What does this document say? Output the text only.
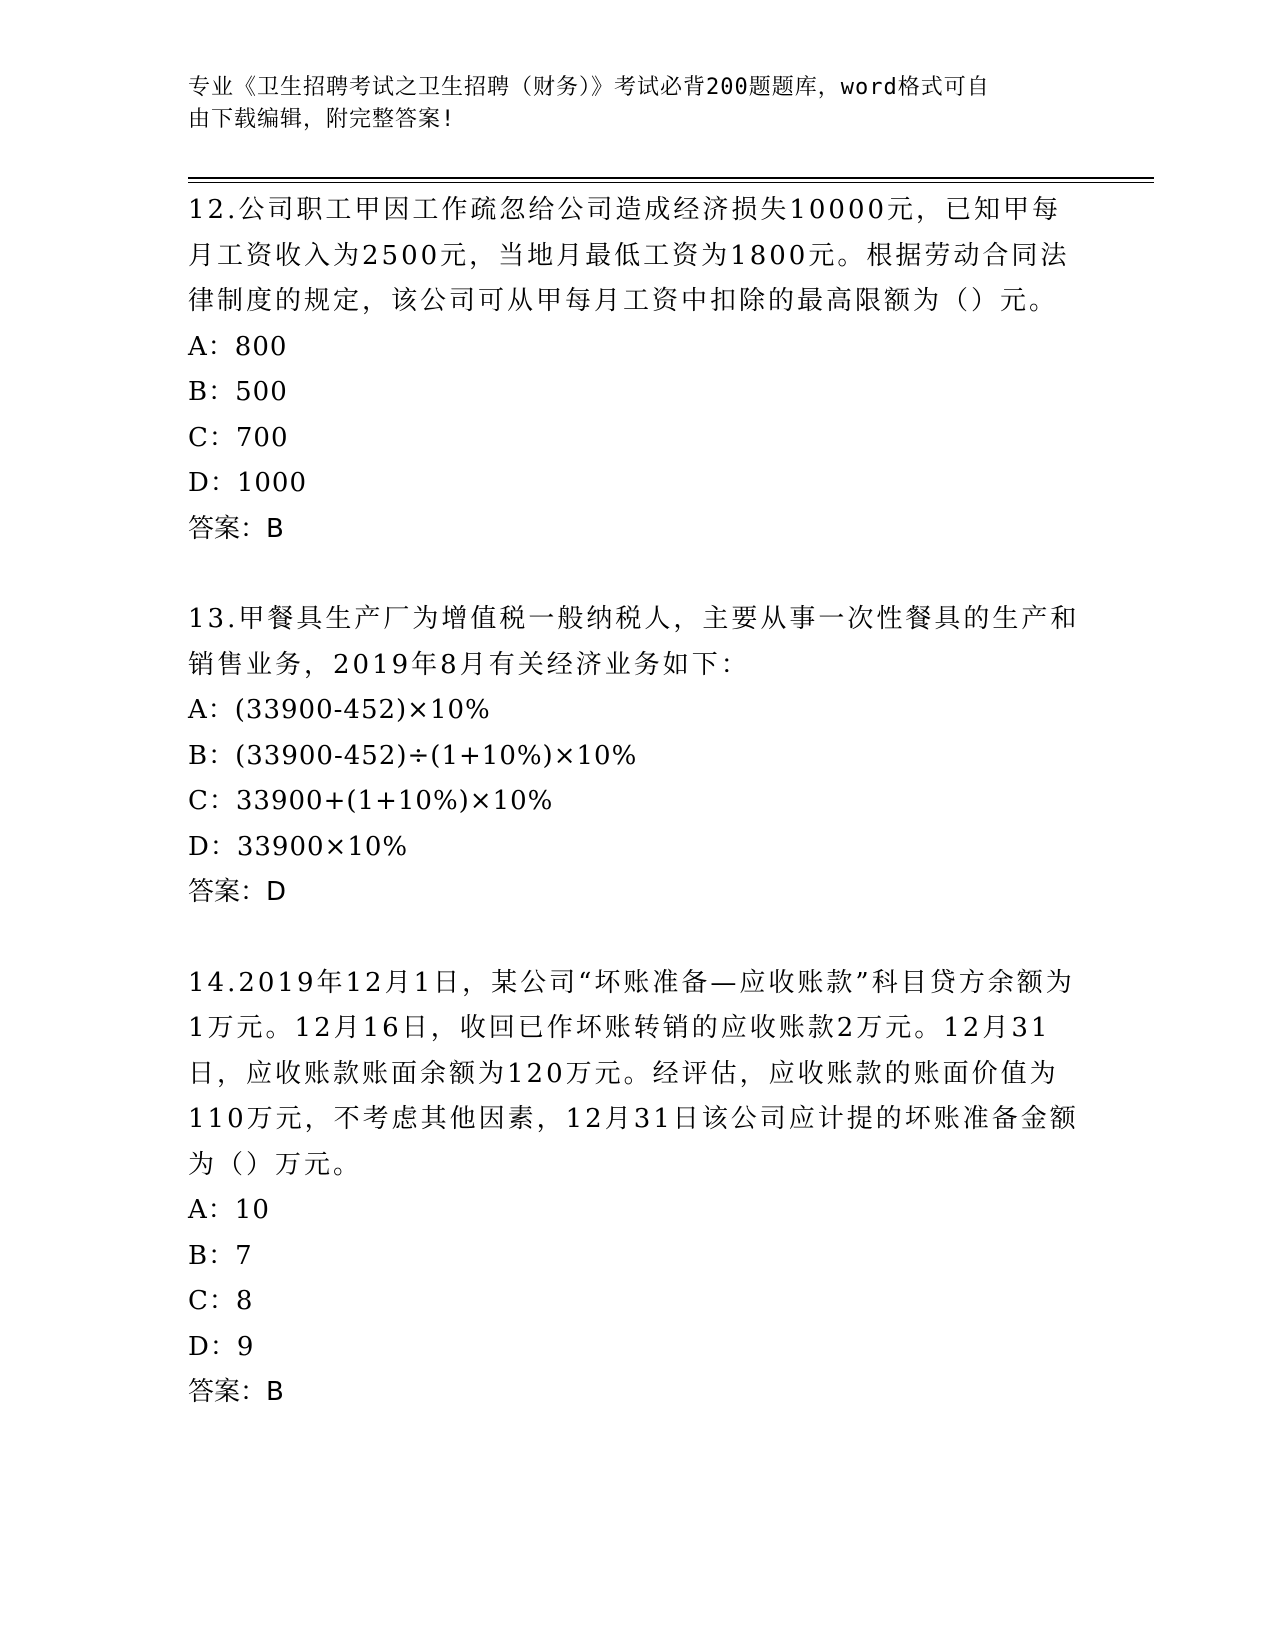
专业《卫生招聘考试之卫生招聘（财务）》考试必背200题题库，word格式可自
由下载编辑，附完整答案!

12.公司职工甲因工作疏忽给公司造成经济损失10000元，已知甲每月工资收入为2500元，当地月最低工资为1800元。根据劳动合同法律制度的规定，该公司可从甲每月工资中扣除的最高限额为（）元。

A：800

B：500

C：700

D：1000

答案：B

13.甲餐具生产厂为增值税一般纳税人，主要从事一次性餐具的生产和销售业务，2019年8月有关经济业务如下：

A：(33900-452)×10%

B：(33900-452)÷(1+10%)×10%

C：33900+(1+10%)×10%

D：33900×10%

答案：D

14.2019年12月1日，某公司“坏账准备—应收账款”科目贷方余额为1万元。12月16日，收回已作坏账转销的应收账款2万元。12月31日，应收账款账面余额为120万元。经评估，应收账款的账面价值为110万元，不考虑其他因素，12月31日该公司应计提的坏账准备金额为（）万元。

A：10

B：7

C：8

D：9

答案：B
